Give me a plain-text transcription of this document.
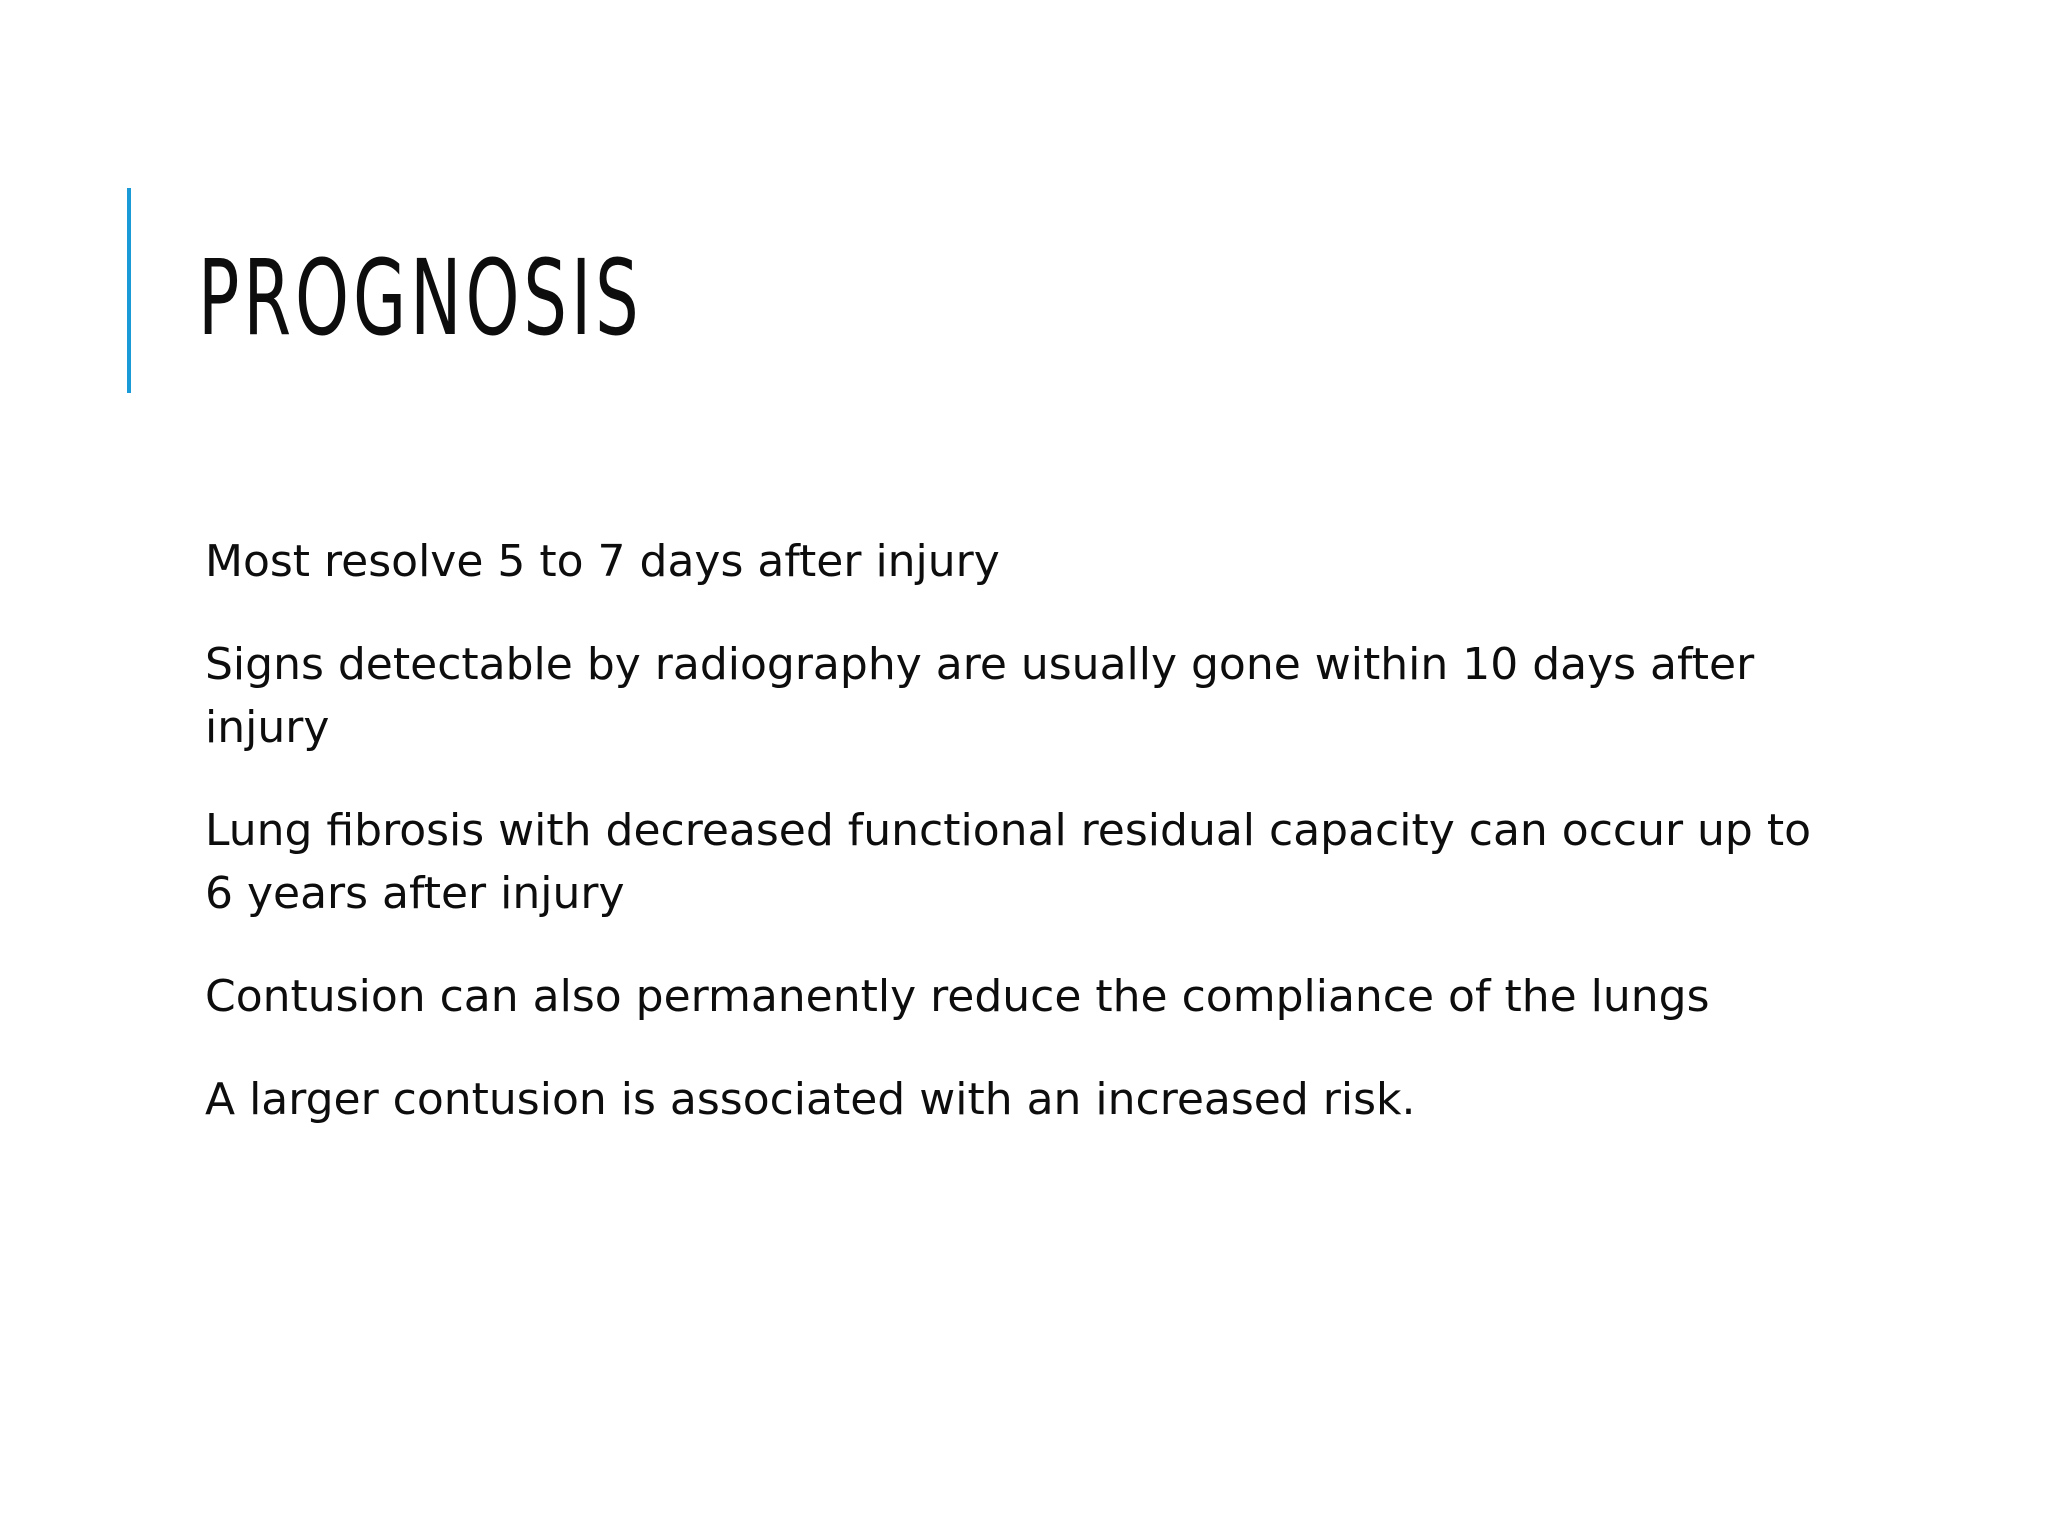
PROGNOSIS
Most resolve 5 to 7 days after injury
Signs detectable by radiography are usually gone within 10 days after injury
Lung fibrosis with decreased functional residual capacity can occur up to 6 years after injury
Contusion can also permanently reduce the compliance of the lungs
A larger contusion is associated with an increased risk.
